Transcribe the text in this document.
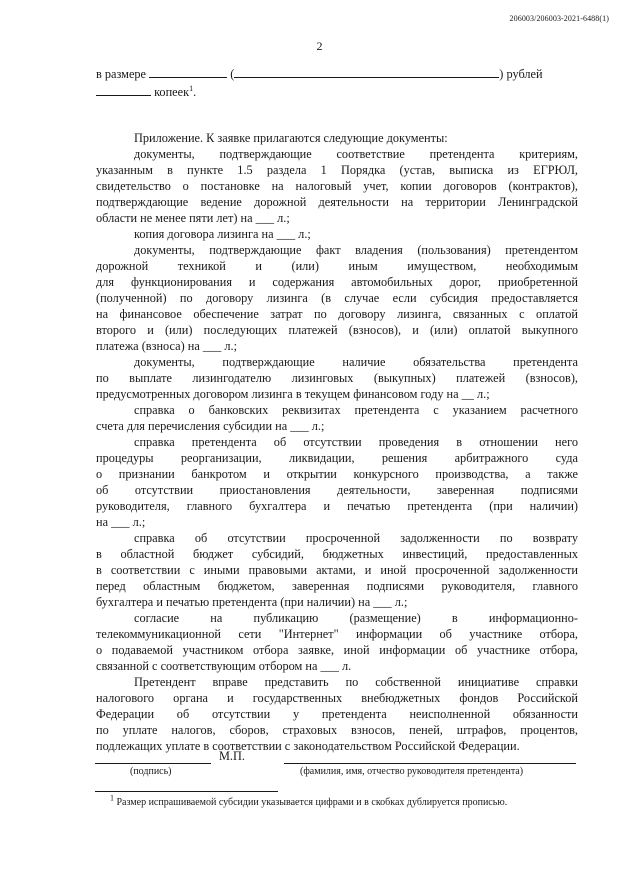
206003/206003-2021-6488(1)
2
в размере	(	) рублей
копеек$^1$.
Приложение. К заявке прилагаются следующие документы:
документы, подтверждающие соответствие претендента критериям,
указанным в пункте 1.5 раздела 1 Порядка (устав, выписка из ЕГРЮЛ,
свидетельство о постановке на налоговый учет, копии договоров (контрактов),
подтверждающие ведение дорожной деятельности на территории Ленинградской
области не менее пяти лет) на ___ л.;
копия договора лизинга на ___ л.;
документы, подтверждающие факт владения (пользования) претендентом
дорожной техникой и (или) иным имуществом, необходимым
для функционирования и содержания автомобильных дорог, приобретенной
(полученной) по договору лизинга (в случае если субсидия предоставляется
на финансовое обеспечение затрат по договору лизинга, связанных с оплатой
второго и (или) последующих платежей (взносов), и (или) оплатой выкупного
платежа (взноса) на ___ л.;
документы, подтверждающие наличие обязательства претендента
по выплате лизингодателю лизинговых (выкупных) платежей (взносов),
предусмотренных договором лизинга в текущем финансовом году на __ л.;
справка о банковских реквизитах претендента с указанием расчетного
счета для перечисления субсидии на ___ л.;
справка претендента об отсутствии проведения в отношении него
процедуры реорганизации, ликвидации, решения арбитражного суда
о признании банкротом и открытии конкурсного производства, а также
об отсутствии приостановления деятельности, заверенная подписями
руководителя, главного бухгалтера и печатью претендента (при наличии)
на ___ л.;
справка об отсутствии просроченной задолженности по возврату
в областной бюджет субсидий, бюджетных инвестиций, предоставленных
в соответствии с иными правовыми актами, и иной просроченной задолженности
перед областным бюджетом, заверенная подписями руководителя, главного
бухгалтера и печатью претендента (при наличии) на ___ л.;
согласие на публикацию (размещение) в информационно-
телекоммуникационной сети "Интернет" информации об участнике отбора,
о подаваемой участником отбора заявке, иной информации об участнике отбора,
связанной с соответствующим отбором на ___ л.
Претендент вправе представить по собственной инициативе справки
налогового органа и государственных внебюджетных фондов Российской
Федерации об отсутствии у претендента неисполненной обязанности
по уплате налогов, сборов, страховых взносов, пеней, штрафов, процентов,
подлежащих уплате в соответствии с законодательством Российской Федерации.
М.П.
(подпись)	(фамилия, имя, отчество руководителя претендента)
$^1$ Размер испрашиваемой субсидии указывается цифрами и в скобках дублируется прописью.
